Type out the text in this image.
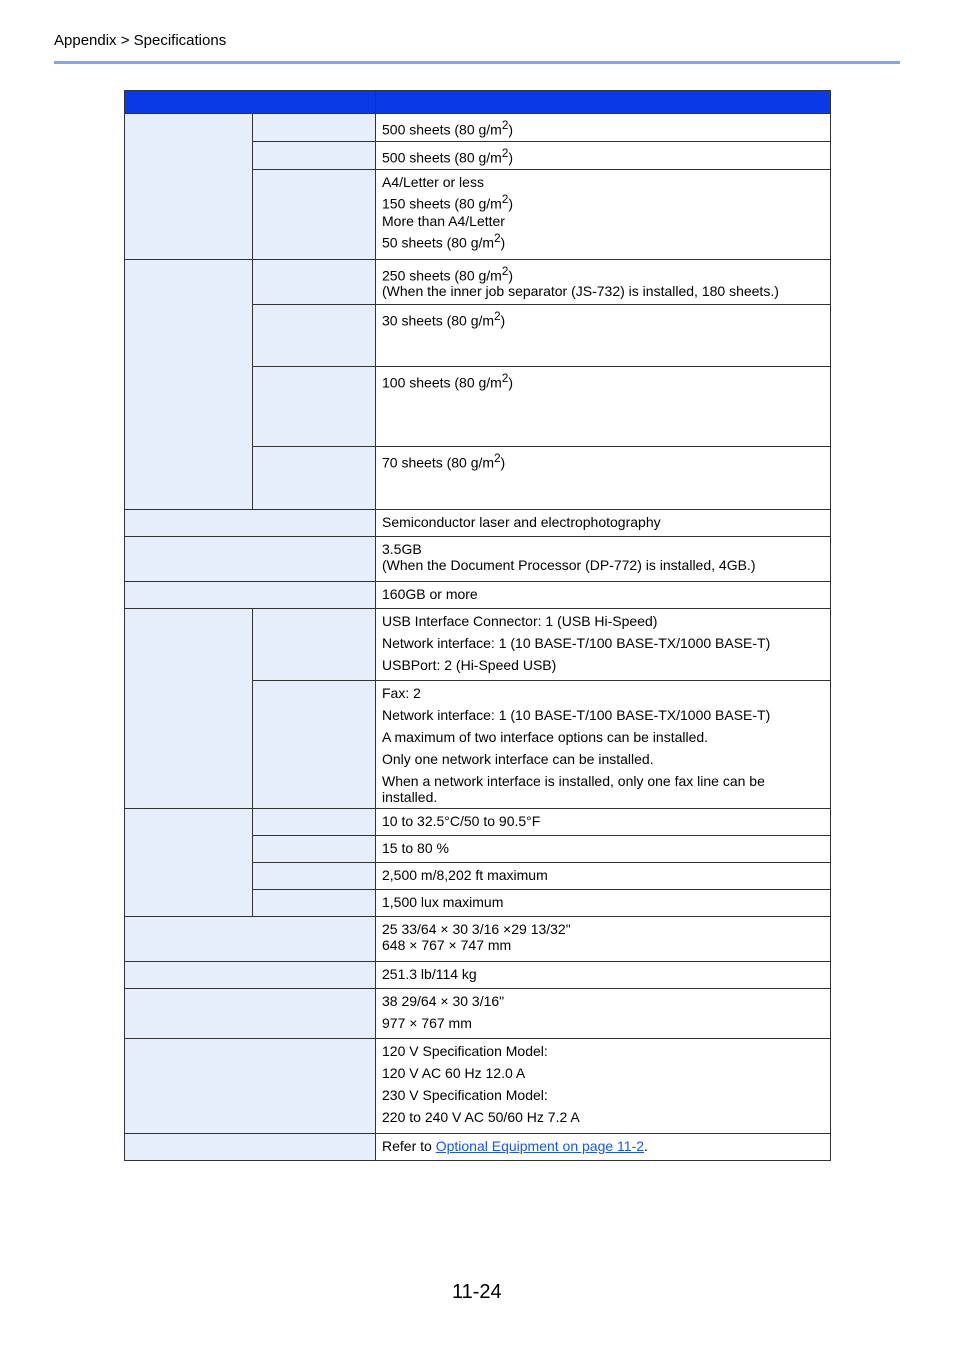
Appendix > Specifications

		500 sheets (80 $g/m^2$)
		500 sheets (80 $g/m^2$)

		A4/Letter or less
150 sheets (80 $g/m^2$)
More than A4/Letter
50 sheets (80 $g/m^2$)

		250 sheets (80 $g/m^2$)
(When the inner job separator (JS-732) is installed, 180 sheets.)

		30 sheets (80 $g/m^2$)
		100 sheets (80 $g/m^2$)
		70 sheets (80 $g/m^2$)
		Semiconductor laser and electrophotography

		3.5GB
(When the Document Processor (DP-772) is installed, 4GB.)

		160GB or more

		USB Interface Connector: 1 (USB Hi-Speed)
Network interface: 1 (10 BASE-T/100 BASE-TX/1000 BASE-T)
USBPort: 2 (Hi-Speed USB)

		Fax: 2
Network interface: 1 (10 BASE-T/100 BASE-TX/1000 BASE-T)
A maximum of two interface options can be installed.
Only one network interface can be installed.
When a network interface is installed, only one fax line can be installed.

		10 to 32.5°C/50 to 90.5°F
		15 to 80 %
		2,500 m/8,202 ft maximum
		1,500 lux maximum

		25 33/64 × 30 3/16 ×29 13/32"
648 × 767 × 747 mm

		251.3 lb/114 kg

		38 29/64 × 30 3/16"
977 × 767 mm

		120 V Specification Model:
120 V AC 60 Hz 12.0 A
230 V Specification Model:
220 to 240 V AC 50/60 Hz 7.2 A

		Refer to Optional Equipment on page 11-2.
11-24
